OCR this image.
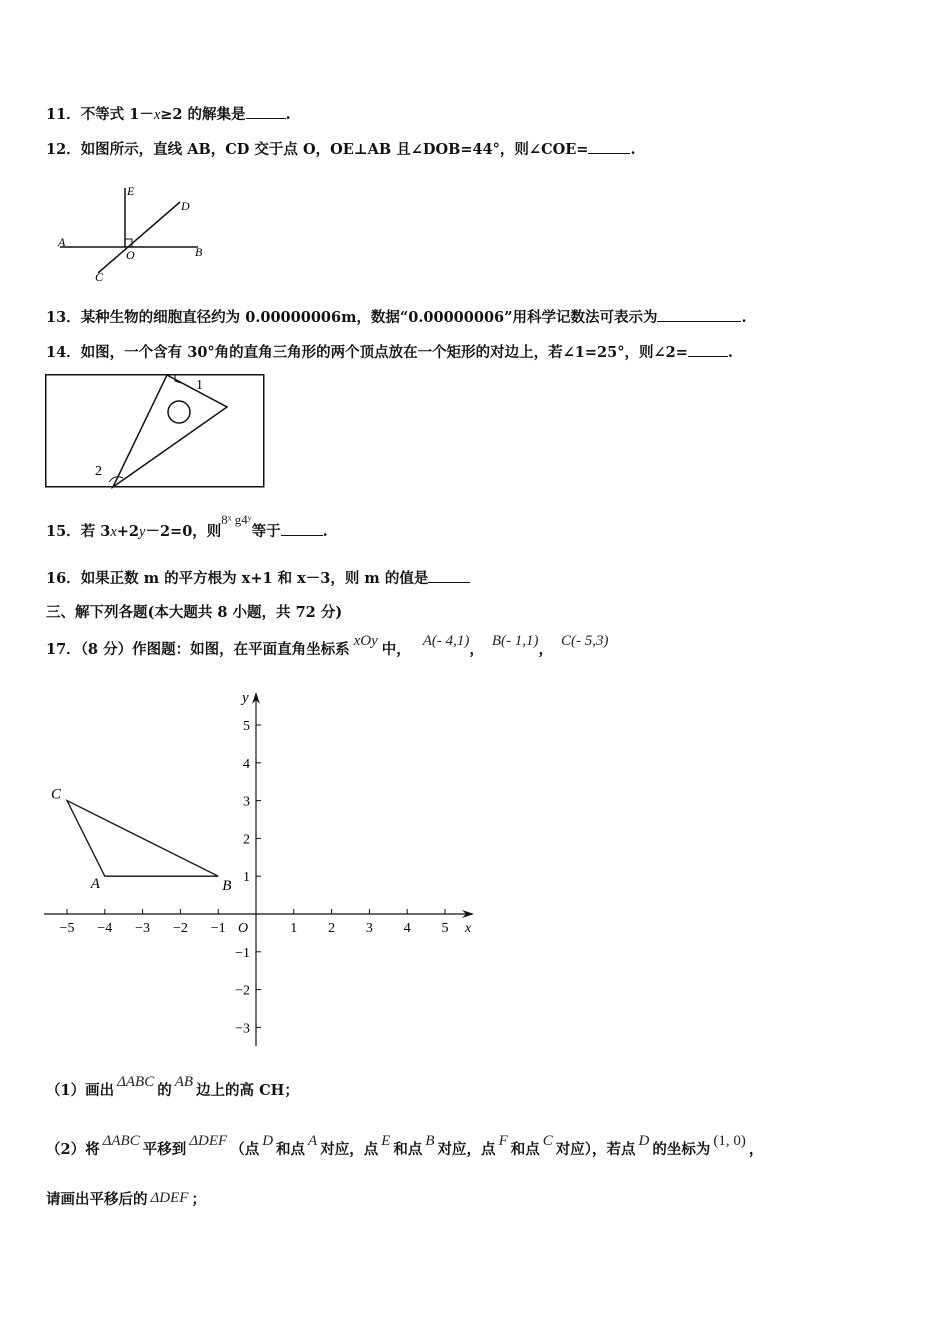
11．不等式 1－x≥2 的解集是	.
12．如图所示，直线 AB，CD 交于点 O，OE⊥AB 且∠DOB=44°，则∠COE=	.
A
B
C
D
E
O
13．某种生物的细胞直径约为 0.00000006m，数据“0.00000006”用科学记数法可表示为	.
14．如图，一个含有 30°角的直角三角形的两个顶点放在一个矩形的对边上，若∠1=25°，则∠2=	.
1
2
15．若 3x+2y－2=0，则8ˣ g4ʸ等于	.
16．如果正数 m 的平方根为 x+1 和 x－3，则 m 的值是
三、解下列各题(本大题共 8 小题，共 72 分)
17．（8 分）作图题：如图，在平面直角坐标系 xOy 中， A(- 4,1)， B(- 1,1)， C(- 5,3)
−5 −4 −3 −2 −1	1 2 3 4 5
5
4
3
2
1
−1
−2
−3
x
y
O
A	B
C
（1）画出 ΔABC 的 AB 边上的高 CH；
（2）将 ΔABC 平移到 ΔDEF （点 D 和点 A 对应，点 E 和点 B 对应，点 F 和点 C 对应），若点 D 的坐标为 (1, 0) ，
请画出平移后的 ΔDEF ；
